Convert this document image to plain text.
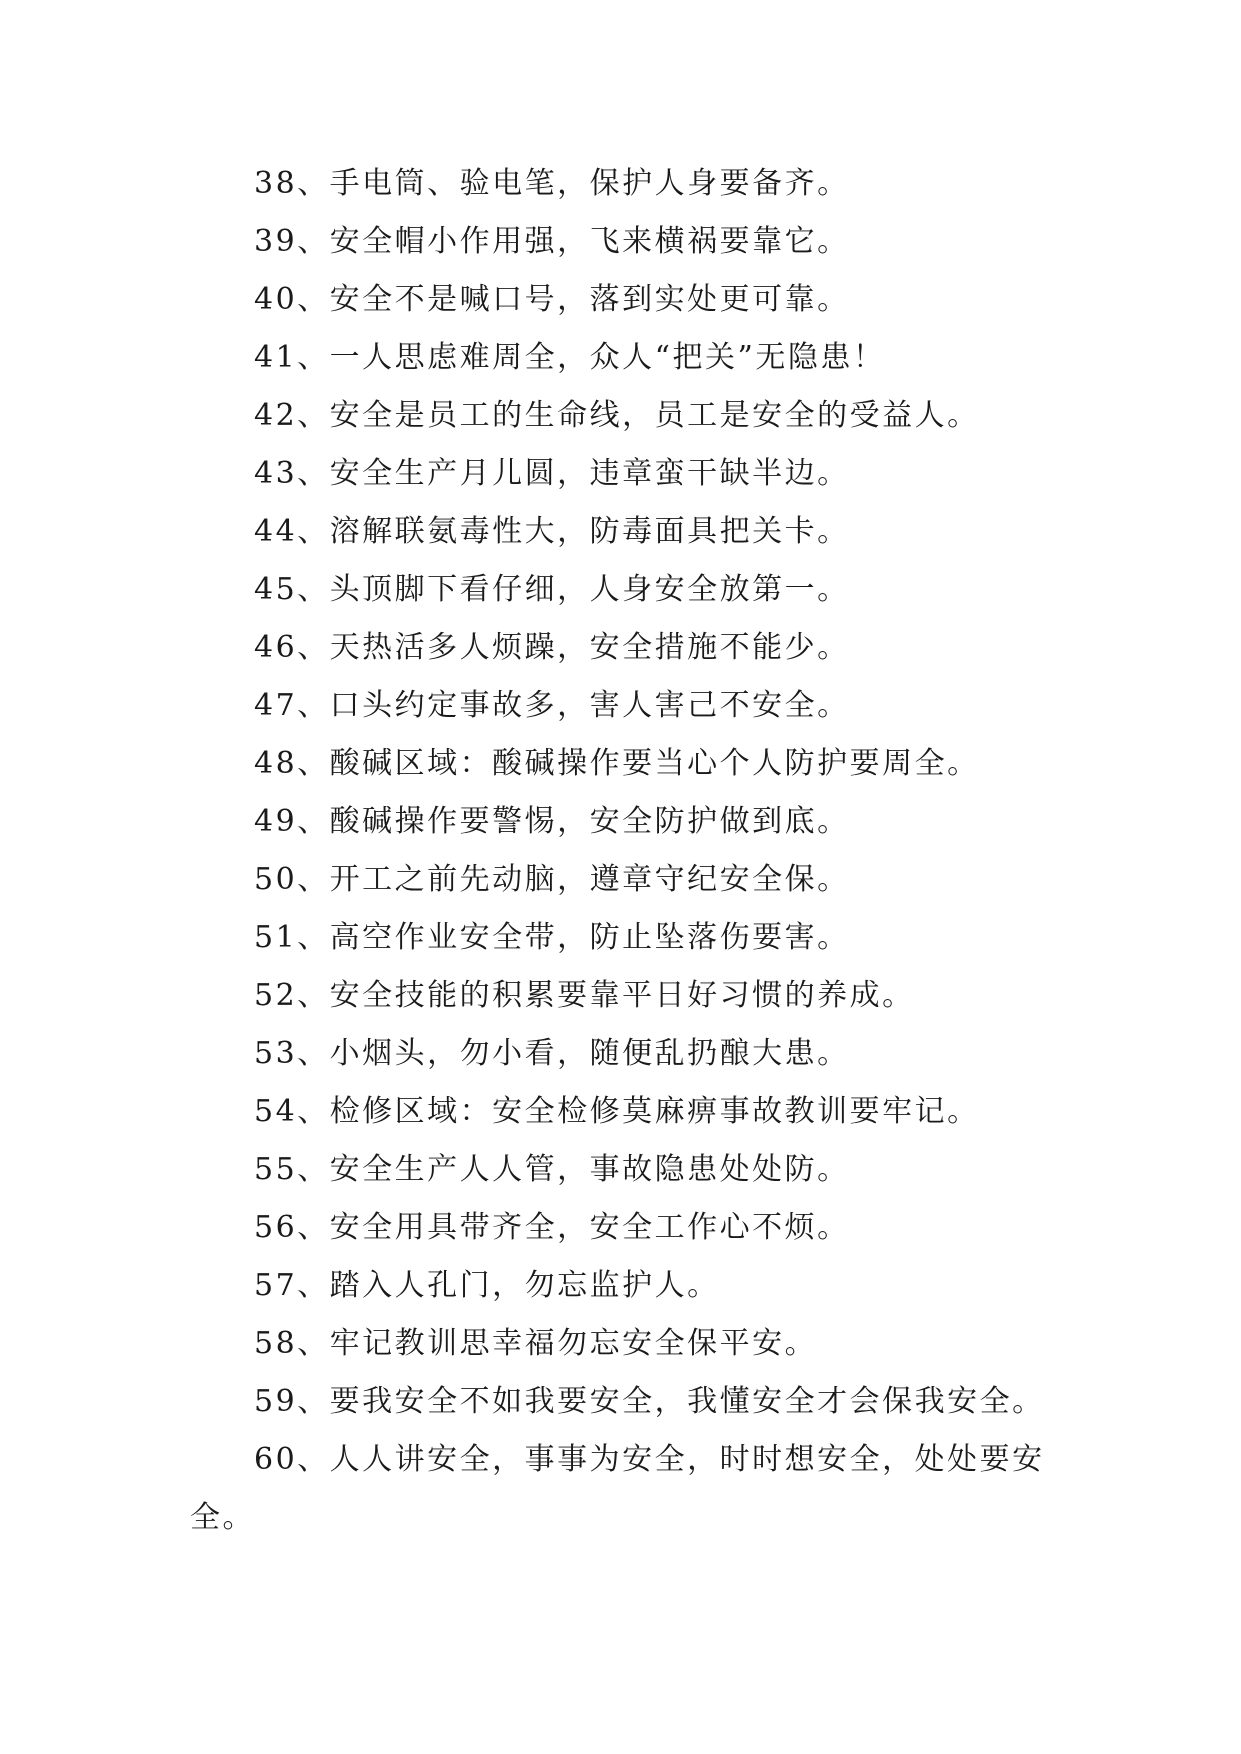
38、手电筒、验电笔，保护人身要备齐。
39、安全帽小作用强，飞来横祸要靠它。
40、安全不是喊口号，落到实处更可靠。
41、一人思虑难周全，众人“把关”无隐患！
42、安全是员工的生命线，员工是安全的受益人。
43、安全生产月儿圆，违章蛮干缺半边。
44、溶解联氨毒性大，防毒面具把关卡。
45、头顶脚下看仔细，人身安全放第一。
46、天热活多人烦躁，安全措施不能少。
47、口头约定事故多，害人害己不安全。
48、酸碱区域：酸碱操作要当心个人防护要周全。
49、酸碱操作要警惕，安全防护做到底。
50、开工之前先动脑，遵章守纪安全保。
51、高空作业安全带，防止坠落伤要害。
52、安全技能的积累要靠平日好习惯的养成。
53、小烟头，勿小看，随便乱扔酿大患。
54、检修区域：安全检修莫麻痹事故教训要牢记。
55、安全生产人人管，事故隐患处处防。
56、安全用具带齐全，安全工作心不烦。
57、踏入人孔门，勿忘监护人。
58、牢记教训思幸福勿忘安全保平安。
59、要我安全不如我要安全，我懂安全才会保我安全。
60、人人讲安全，事事为安全，时时想安全，处处要安全。
